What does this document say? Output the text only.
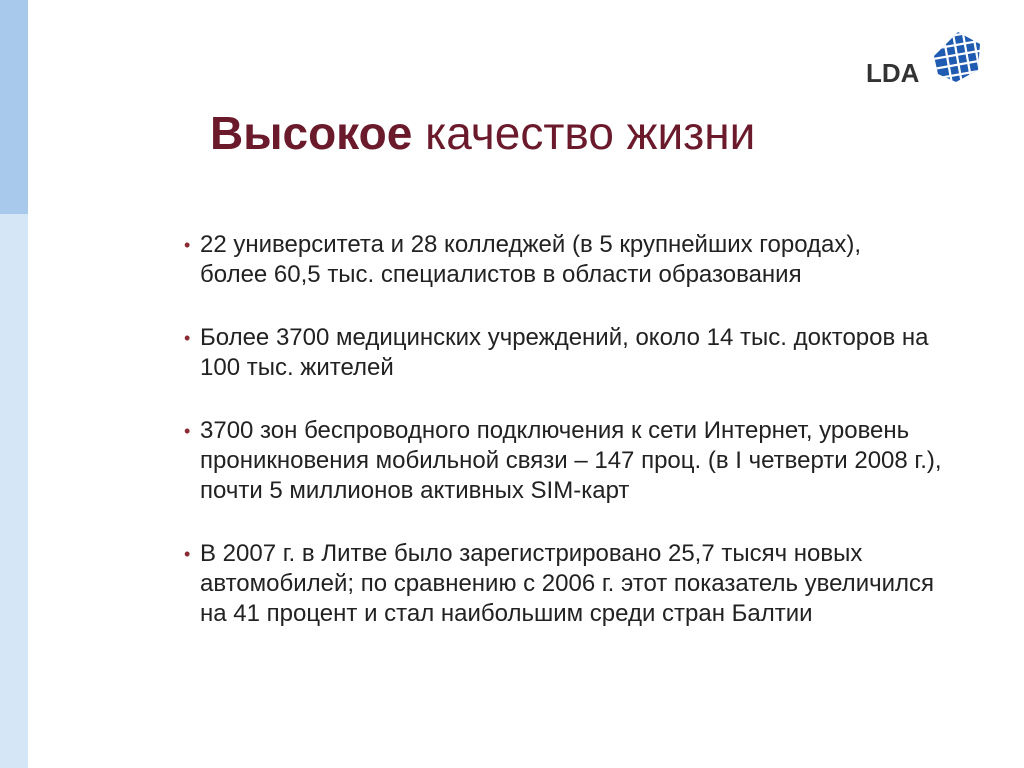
LDA
Высокое качество жизни
• 22 университета и 28 колледжей (в 5 крупнейших городах),
более 60,5 тыс. специалистов в области образования
• Более 3700 медицинских учреждений, около 14 тыс. докторов на
100 тыс. жителей
• 3700 зон беспроводного подключения к сети Интернет, уровень
проникновения мобильной связи – 147 проц. (в I четверти 2008 г.),
почти 5 миллионов активных SIM-карт
• В 2007 г. в Литве было зарегистрировано 25,7 тысяч новых
автомобилей; по сравнению с 2006 г. этот показатель увеличился
на 41 процент и стал наибольшим среди стран Балтии
